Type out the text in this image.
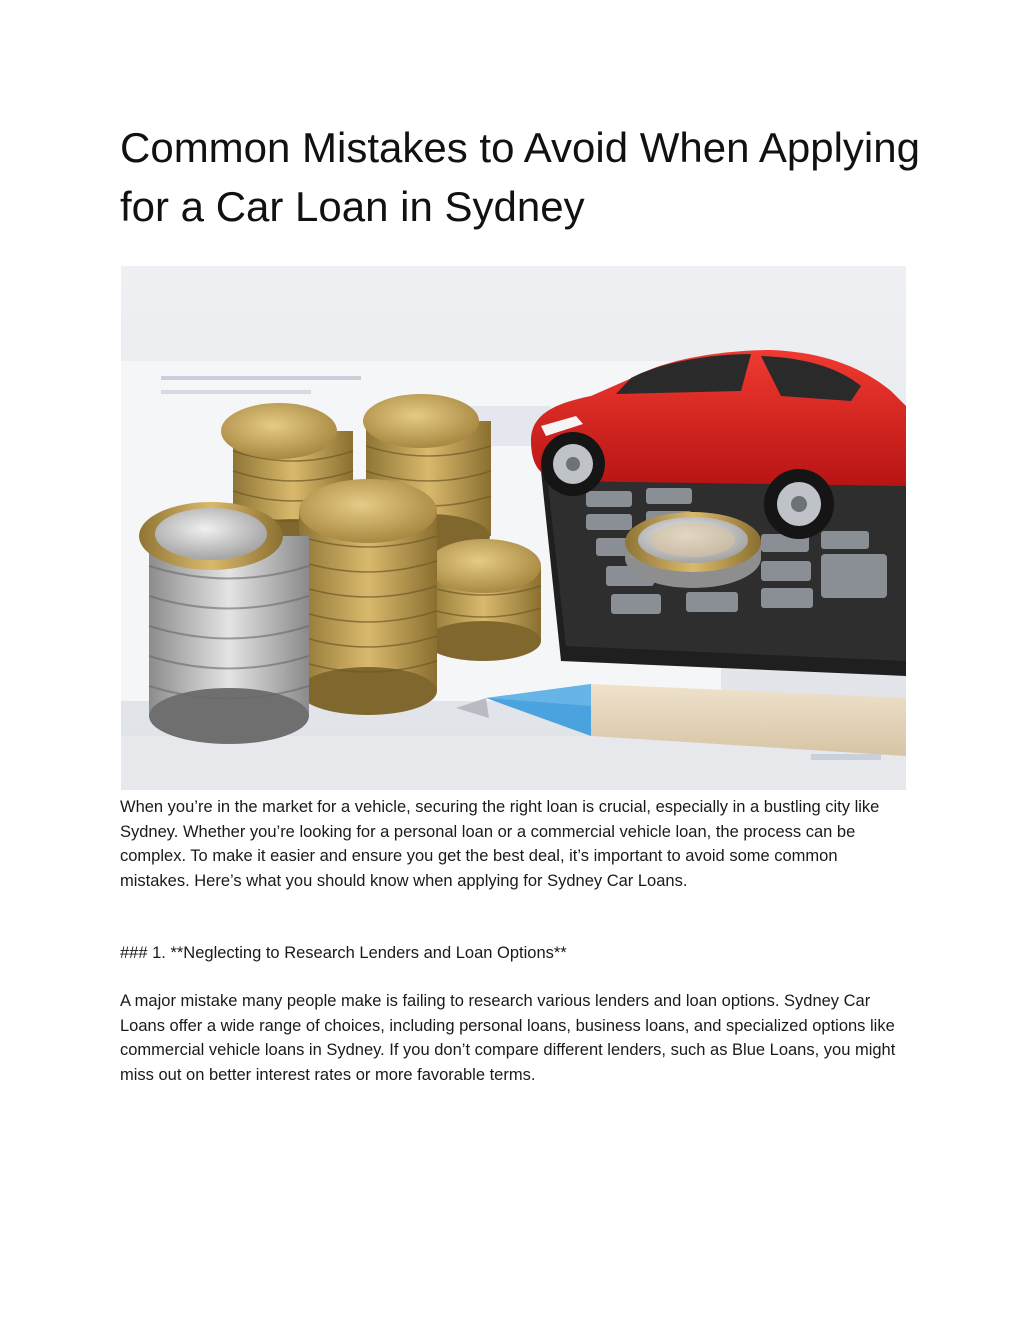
Common Mistakes to Avoid When Applying for a Car Loan in Sydney

When you’re in the market for a vehicle, securing the right loan is crucial, especially in a bustling city like Sydney. Whether you’re looking for a personal loan or a commercial vehicle loan, the process can be complex. To make it easier and ensure you get the best deal, it’s important to avoid some common mistakes. Here’s what you should know when applying for Sydney Car Loans.

### 1. **Neglecting to Research Lenders and Loan Options**

A major mistake many people make is failing to research various lenders and loan options. Sydney Car Loans offer a wide range of choices, including personal loans, business loans, and specialized options like commercial vehicle loans in Sydney. If you don’t compare different lenders, such as Blue Loans, you might miss out on better interest rates or more favorable terms.
